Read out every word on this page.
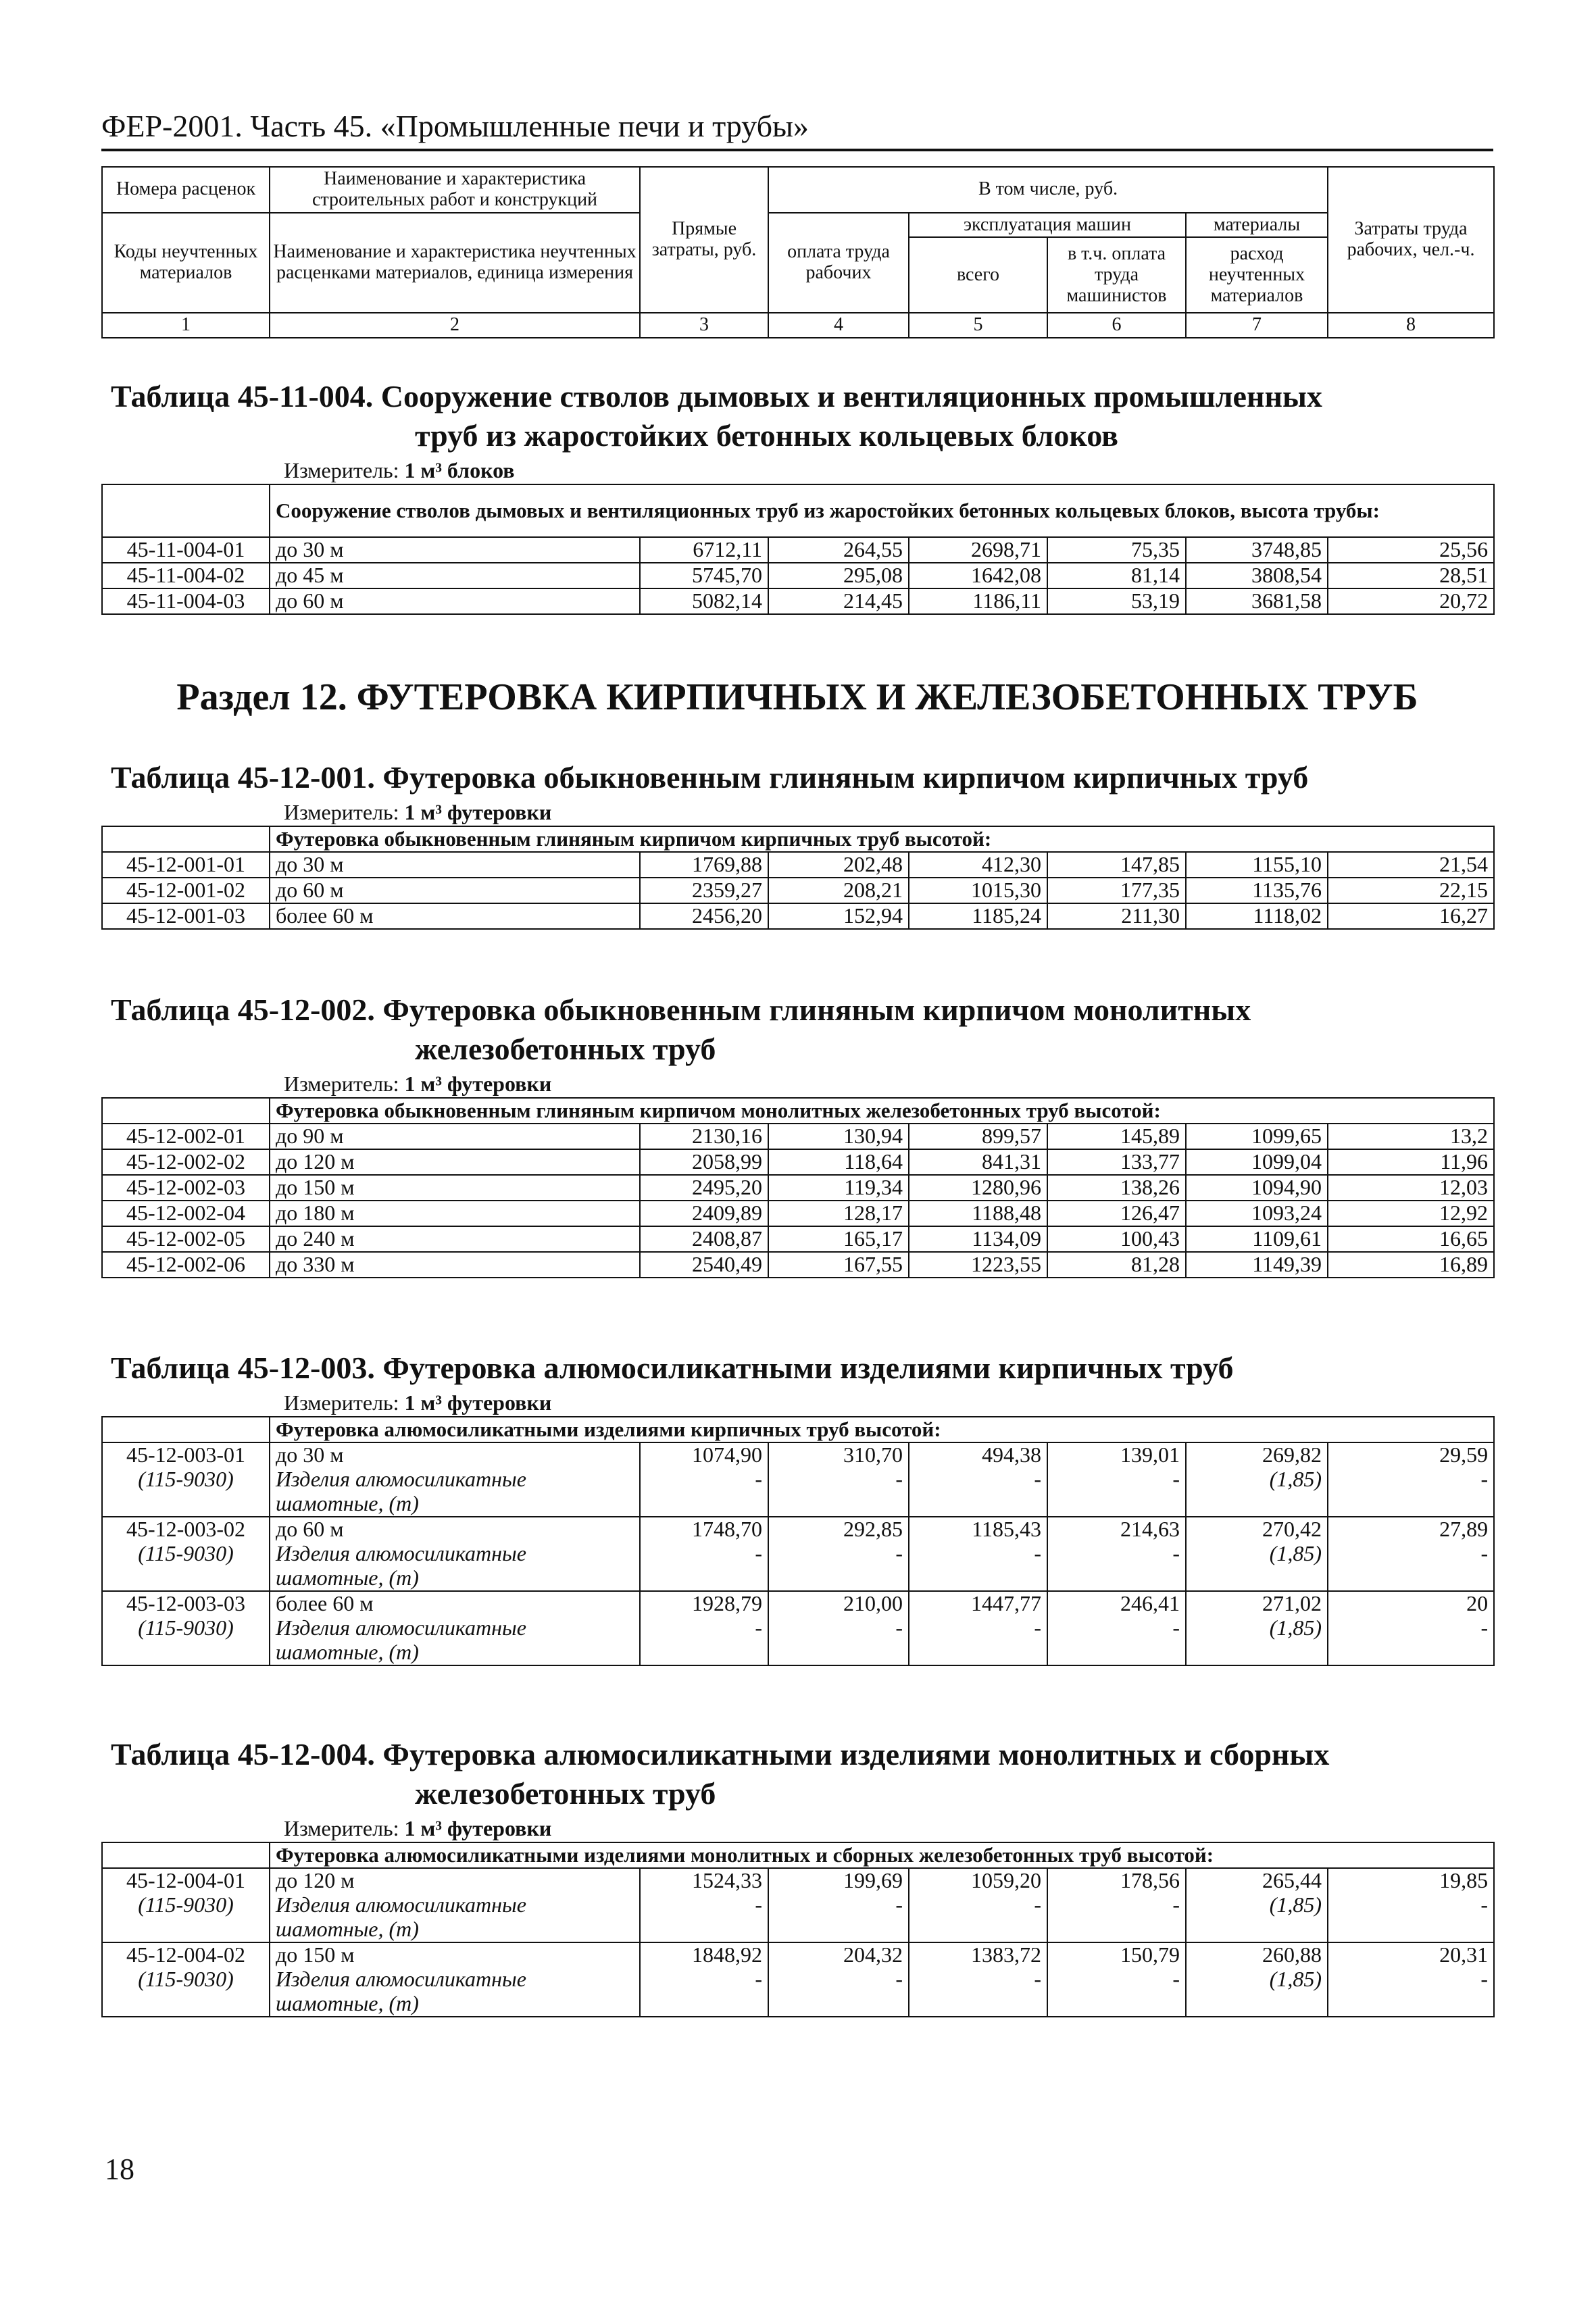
ФЕР-2001. Часть 45. «Промышленные печи и трубы»
Номера расценок	Наименование и характеристика строительных работ и конструкций	Прямые затраты, руб.	В том числе, руб.				Затраты труда рабочих, чел.-ч.
Коды неучтенных материалов	Наименование и характеристика неучтенных расценками материалов, единица измерения		оплата труда рабочих	эксплуатация машин		материалы	
				всего	в т.ч. оплата труда машинистов	расход неучтенных материалов	
1	2	3	4	5	6	7	8

Таблица 45-11-004. Сооружение стволов дымовых и вентиляционных промышленных
труб из жаростойких бетонных кольцевых блоков

Измеритель: 1 м³ блоков
	Сооружение стволов дымовых и вентиляционных труб из жаростойких бетонных кольцевых блоков, высота трубы:						
45-11-004-01	до 30 м	6712,11	264,55	2698,71	75,35	3748,85	25,56
45-11-004-02	до 45 м	5745,70	295,08	1642,08	81,14	3808,54	28,51
45-11-004-03	до 60 м	5082,14	214,45	1186,11	53,19	3681,58	20,72
Раздел 12. ФУТЕРОВКА КИРПИЧНЫХ И ЖЕЛЕЗОБЕТОННЫХ ТРУБ

Таблица 45-12-001. Футеровка обыкновенным глиняным кирпичом кирпичных труб

Измеритель: 1 м³ футеровки
	Футеровка обыкновенным глиняным кирпичом кирпичных труб высотой:						
45-12-001-01	до 30 м	1769,88	202,48	412,30	147,85	1155,10	21,54
45-12-001-02	до 60 м	2359,27	208,21	1015,30	177,35	1135,76	22,15
45-12-001-03	более 60 м	2456,20	152,94	1185,24	211,30	1118,02	16,27

Таблица 45-12-002. Футеровка обыкновенным глиняным кирпичом монолитных
железобетонных труб

Измеритель: 1 м³ футеровки
	Футеровка обыкновенным глиняным кирпичом монолитных железобетонных труб высотой:						
45-12-002-01	до 90 м	2130,16	130,94	899,57	145,89	1099,65	13,2
45-12-002-02	до 120 м	2058,99	118,64	841,31	133,77	1099,04	11,96
45-12-002-03	до 150 м	2495,20	119,34	1280,96	138,26	1094,90	12,03
45-12-002-04	до 180 м	2409,89	128,17	1188,48	126,47	1093,24	12,92
45-12-002-05	до 240 м	2408,87	165,17	1134,09	100,43	1109,61	16,65
45-12-002-06	до 330 м	2540,49	167,55	1223,55	81,28	1149,39	16,89

Таблица 45-12-003. Футеровка алюмосиликатными изделиями кирпичных труб

Измеритель: 1 м³ футеровки
	Футеровка алюмосиликатными изделиями кирпичных труб высотой:						
45-12-003-01	до 30 м	1074,90	310,70	494,38	139,01	269,82	29,59
(115-9030)	Изделия алюмосиликатные	-	-	-	-	(1,85)	-
	шамотные, (т)						
45-12-003-02	до 60 м	1748,70	292,85	1185,43	214,63	270,42	27,89
(115-9030)	Изделия алюмосиликатные	-	-	-	-	(1,85)	-
	шамотные, (т)						
45-12-003-03	более 60 м	1928,79	210,00	1447,77	246,41	271,02	20
(115-9030)	Изделия алюмосиликатные	-	-	-	-	(1,85)	-
	шамотные, (т)						

Таблица 45-12-004. Футеровка алюмосиликатными изделиями монолитных и сборных
железобетонных труб

Измеритель: 1 м³ футеровки
	Футеровка алюмосиликатными изделиями монолитных и сборных железобетонных труб высотой:						
45-12-004-01	до 120 м	1524,33	199,69	1059,20	178,56	265,44	19,85
(115-9030)	Изделия алюмосиликатные	-	-	-	-	(1,85)	-
	шамотные, (т)						
45-12-004-02	до 150 м	1848,92	204,32	1383,72	150,79	260,88	20,31
(115-9030)	Изделия алюмосиликатные	-	-	-	-	(1,85)	-
	шамотные, (т)						
18
